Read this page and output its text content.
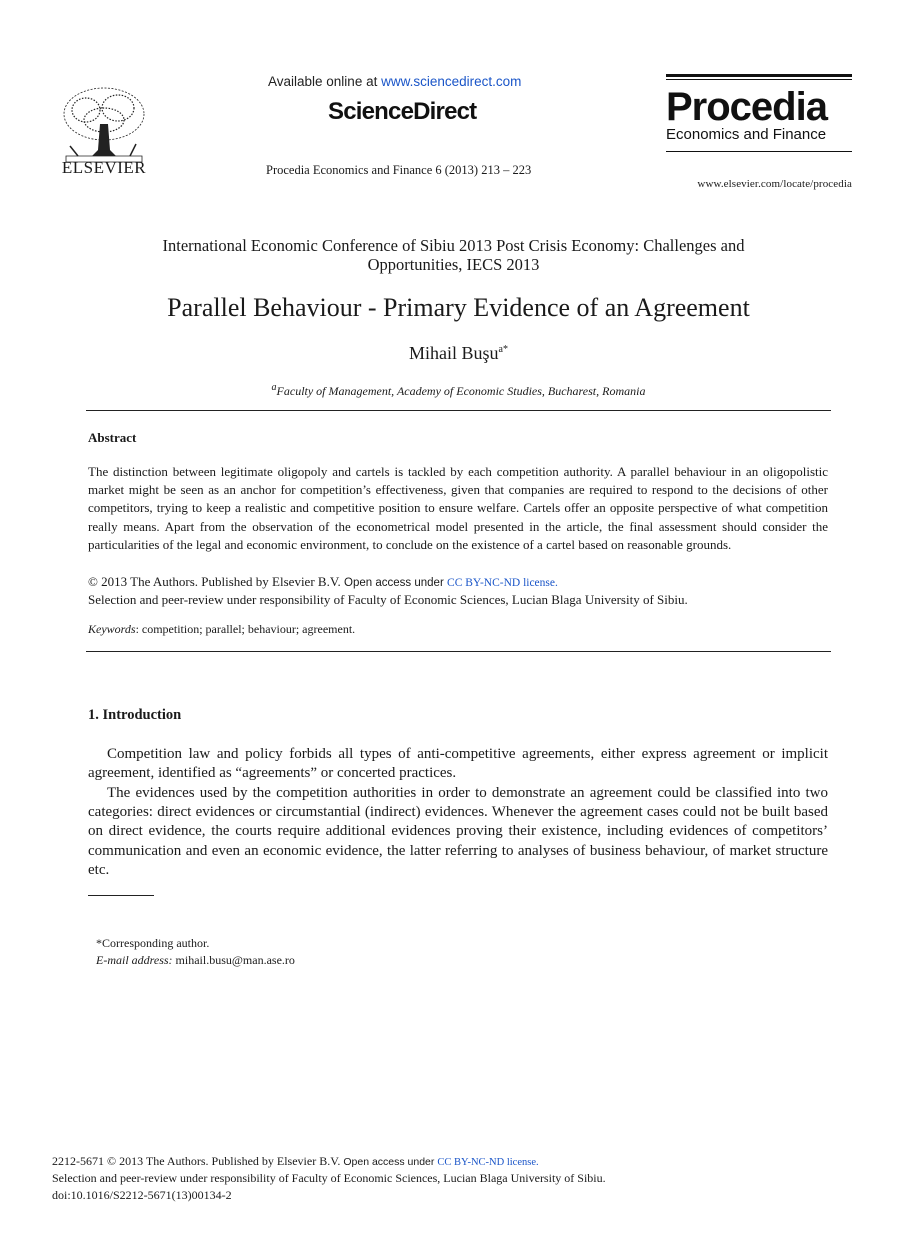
ELSEVIER
Available online at www.sciencedirect.com
ScienceDirect
Procedia Economics and Finance 6 (2013) 213 – 223
Procedia
Economics and Finance
www.elsevier.com/locate/procedia
International Economic Conference of Sibiu 2013 Post Crisis Economy: Challenges and
Opportunities, IECS 2013
Parallel Behaviour - Primary Evidence of an Agreement
Mihail Buşu$^{a*}$
$^a$Faculty of Management, Academy of Economic Studies, Bucharest, Romania
Abstract
The distinction between legitimate oligopoly and cartels is tackled by each competition authority. A parallel behaviour in an oligopolistic market might be seen as an anchor for competition’s effectiveness, given that companies are required to respond to the decisions of other competitors, trying to keep a realistic and competitive position to ensure welfare. Cartels offer an opposite perspective of what competition really means. Apart from the observation of the econometrical model presented in the article, the final assessment should consider the particularities of the legal and economic environment, to conclude on the existence of a cartel based on reasonable grounds.
© 2013 The Authors. Published by Elsevier B.V. Open access under CC BY-NC-ND license.
Selection and peer-review under responsibility of Faculty of Economic Sciences, Lucian Blaga University of Sibiu.
Keywords: competition; parallel; behaviour; agreement.
1. Introduction
Competition law and policy forbids all types of anti-competitive agreements, either express agreement or implicit agreement, identified as “agreements” or concerted practices.
The evidences used by the competition authorities in order to demonstrate an agreement could be classified into two categories: direct evidences or circumstantial (indirect) evidences. Whenever the agreement cases could not be built based on direct evidence, the courts require additional evidences proving their existence, including evidences of competitors’ communication and even an economic evidence, the latter referring to analyses of business behaviour, of market structure etc.
*Corresponding author.
E-mail address: mihail.busu@man.ase.ro
2212-5671 © 2013 The Authors. Published by Elsevier B.V. Open access under CC BY-NC-ND license.
Selection and peer-review under responsibility of Faculty of Economic Sciences, Lucian Blaga University of Sibiu.
doi:10.1016/S2212-5671(13)00134-2
